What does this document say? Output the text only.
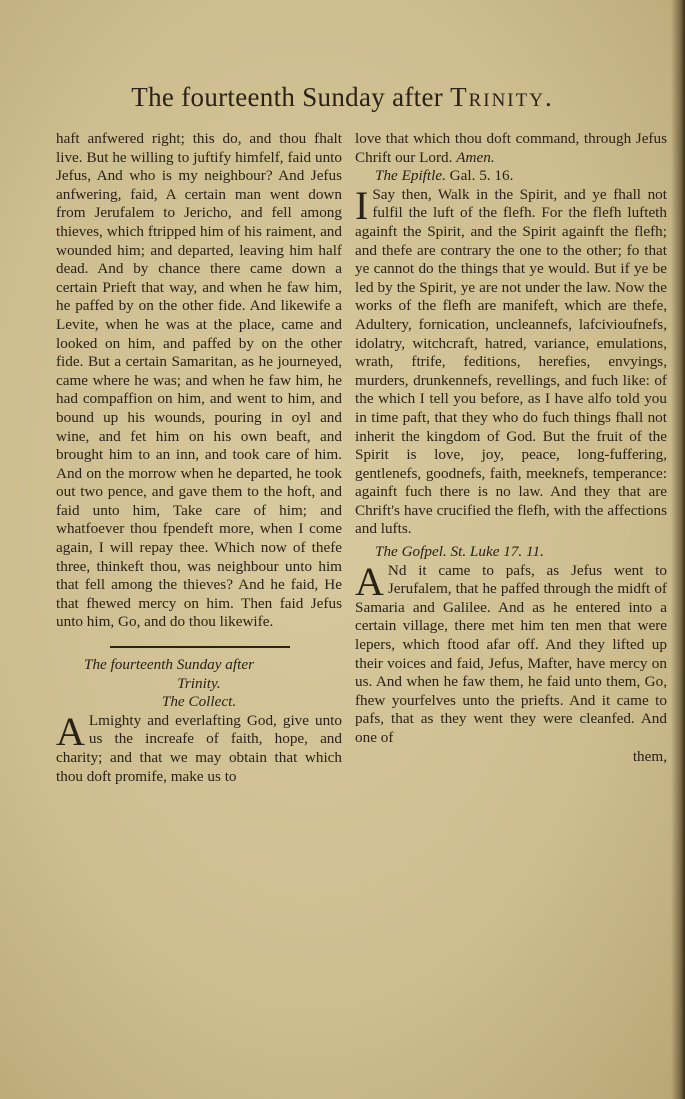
The fourteenth Sunday after Trinity.

haft anfwered right; this do, and thou fhalt live. But he willing to juftify himfelf, faid unto Jefus, And who is my neighbour? And Jefus anfwering, faid, A certain man went down from Jerufalem to Jericho, and fell among thieves, which ftripped him of his raiment, and wounded him; and departed, leaving him half dead. And by chance there came down a certain Prieft that way, and when he faw him, he paffed by on the other fide. And likewife a Levite, when he was at the place, came and looked on him, and paffed by on the other fide. But a certain Samaritan, as he journeyed, came where he was; and when he faw him, he had compaffion on him, and went to him, and bound up his wounds, pouring in oyl and wine, and fet him on his own beaft, and brought him to an inn, and took care of him. And on the morrow when he departed, he took out two pence, and gave them to the hoft, and faid unto him, Take care of him; and whatfoever thou fpendeft more, when I come again, I will repay thee. Which now of thefe three, thinkeft thou, was neighbour unto him that fell among the thieves? And he faid, He that fhewed mercy on him. Then faid Jefus unto him, Go, and do thou likewife.

The fourteenth Sunday after

Trinity.

The Collect.

A Lmighty and everlafting God, give unto us the increafe of faith, hope, and charity; and that we may obtain that which thou doft promife, make us to

love that which thou doft command, through Jefus Chrift our Lord. Amen.

The Epiftle. Gal. 5. 16.

I Say then, Walk in the Spirit, and ye fhall not fulfil the luft of the flefh. For the flefh lufteth againft the Spirit, and the Spirit againft the flefh; and thefe are contrary the one to the other; fo that ye cannot do the things that ye would. But if ye be led by the Spirit, ye are not under the law. Now the works of the flefh are manifeft, which are thefe, Adultery, fornication, uncleannefs, lafcivioufnefs, idolatry, witchcraft, hatred, variance, emulations, wrath, ftrife, feditions, herefies, envyings, murders, drunkennefs, revellings, and fuch like: of the which I tell you before, as I have alfo told you in time paft, that they who do fuch things fhall not inherit the kingdom of God. But the fruit of the Spirit is love, joy, peace, long-fuffering, gentlenefs, goodnefs, faith, meeknefs, temperance: againft fuch there is no law. And they that are Chrift's have crucified the flefh, with the affections and lufts.

The Gofpel. St. Luke 17. 11.

A Nd it came to pafs, as Jefus went to Jerufalem, that he paffed through the midft of Samaria and Galilee. And as he entered into a certain village, there met him ten men that were lepers, which ftood afar off. And they lifted up their voices and faid, Jefus, Mafter, have mercy on us. And when he faw them, he faid unto them, Go, fhew yourfelves unto the priefts. And it came to pafs, that as they went they were cleanfed. And one of

them,
